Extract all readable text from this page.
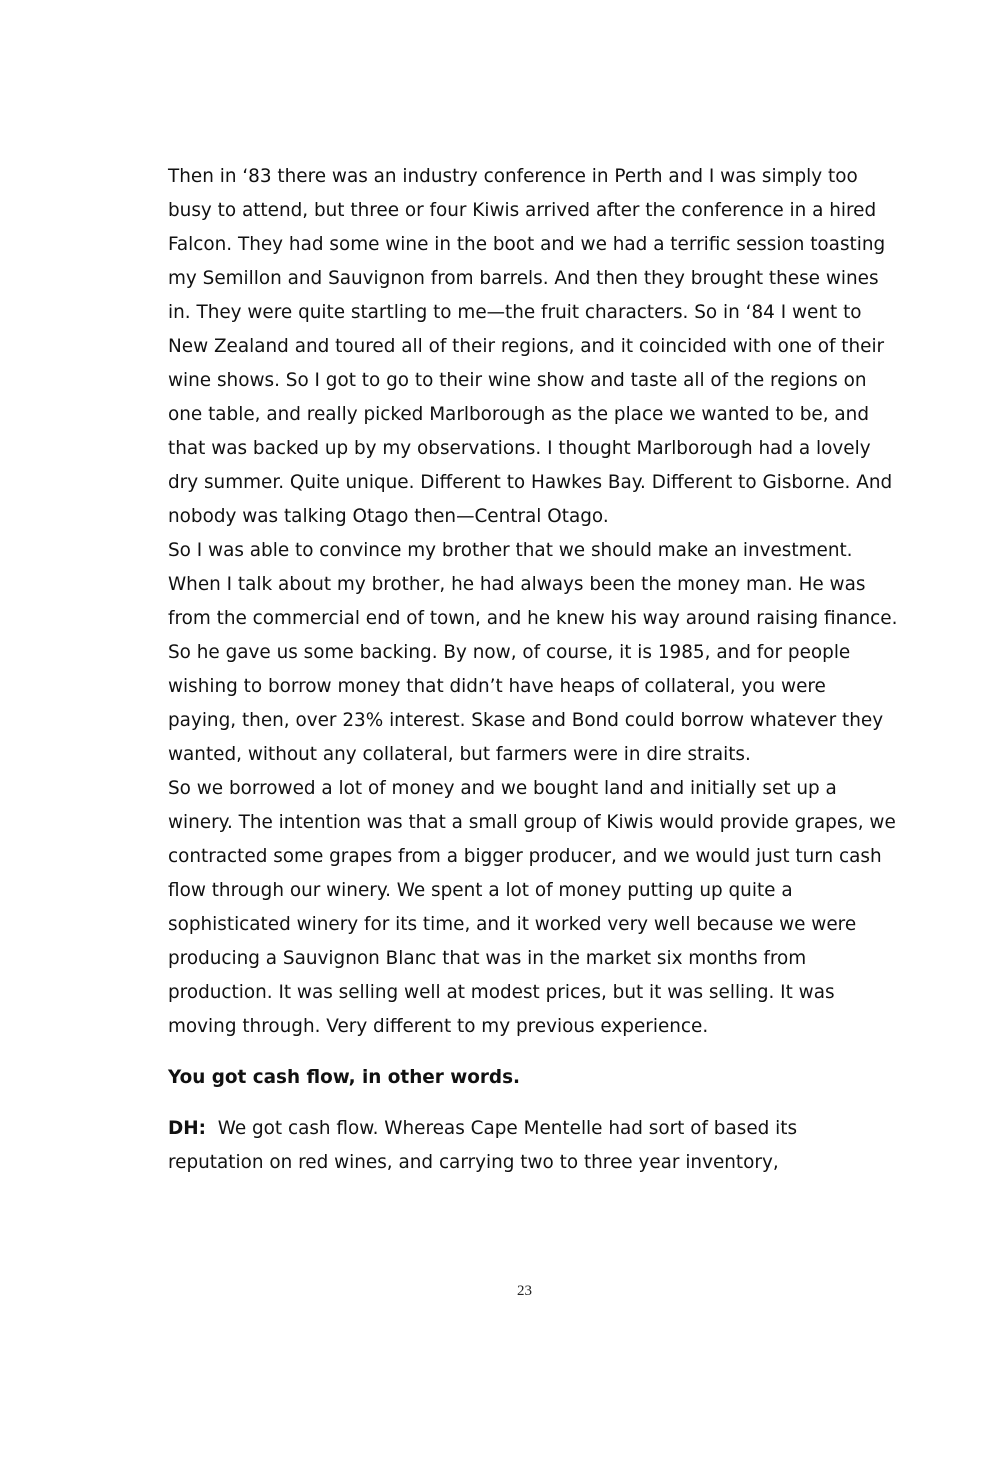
Then in ‘83 there was an industry conference in Perth and I was simply too busy to attend, but three or four Kiwis arrived after the conference in a hired Falcon. They had some wine in the boot and we had a terrific session toasting my Semillon and Sauvignon from barrels. And then they brought these wines in. They were quite startling to me—the fruit characters. So in ‘84 I went to New Zealand and toured all of their regions, and it coincided with one of their wine shows. So I got to go to their wine show and taste all of the regions on one table, and really picked Marlborough as the place we wanted to be, and that was backed up by my observations. I thought Marlborough had a lovely dry summer. Quite unique. Different to Hawkes Bay. Different to Gisborne. And nobody was talking Otago then—Central Otago.

So I was able to convince my brother that we should make an investment. When I talk about my brother, he had always been the money man. He was from the commercial end of town, and he knew his way around raising finance. So he gave us some backing. By now, of course, it is 1985, and for people wishing to borrow money that didn’t have heaps of collateral, you were paying, then, over 23% interest. Skase and Bond could borrow whatever they wanted, without any collateral, but farmers were in dire straits.

So we borrowed a lot of money and we bought land and initially set up a winery. The intention was that a small group of Kiwis would provide grapes, we contracted some grapes from a bigger producer, and we would just turn cash flow through our winery. We spent a lot of money putting up quite a sophisticated winery for its time, and it worked very well because we were producing a Sauvignon Blanc that was in the market six months from production. It was selling well at modest prices, but it was selling. It was moving through. Very different to my previous experience.

You got cash flow, in other words.

DH: We got cash flow. Whereas Cape Mentelle had sort of based its reputation on red wines, and carrying two to three year inventory,

23
